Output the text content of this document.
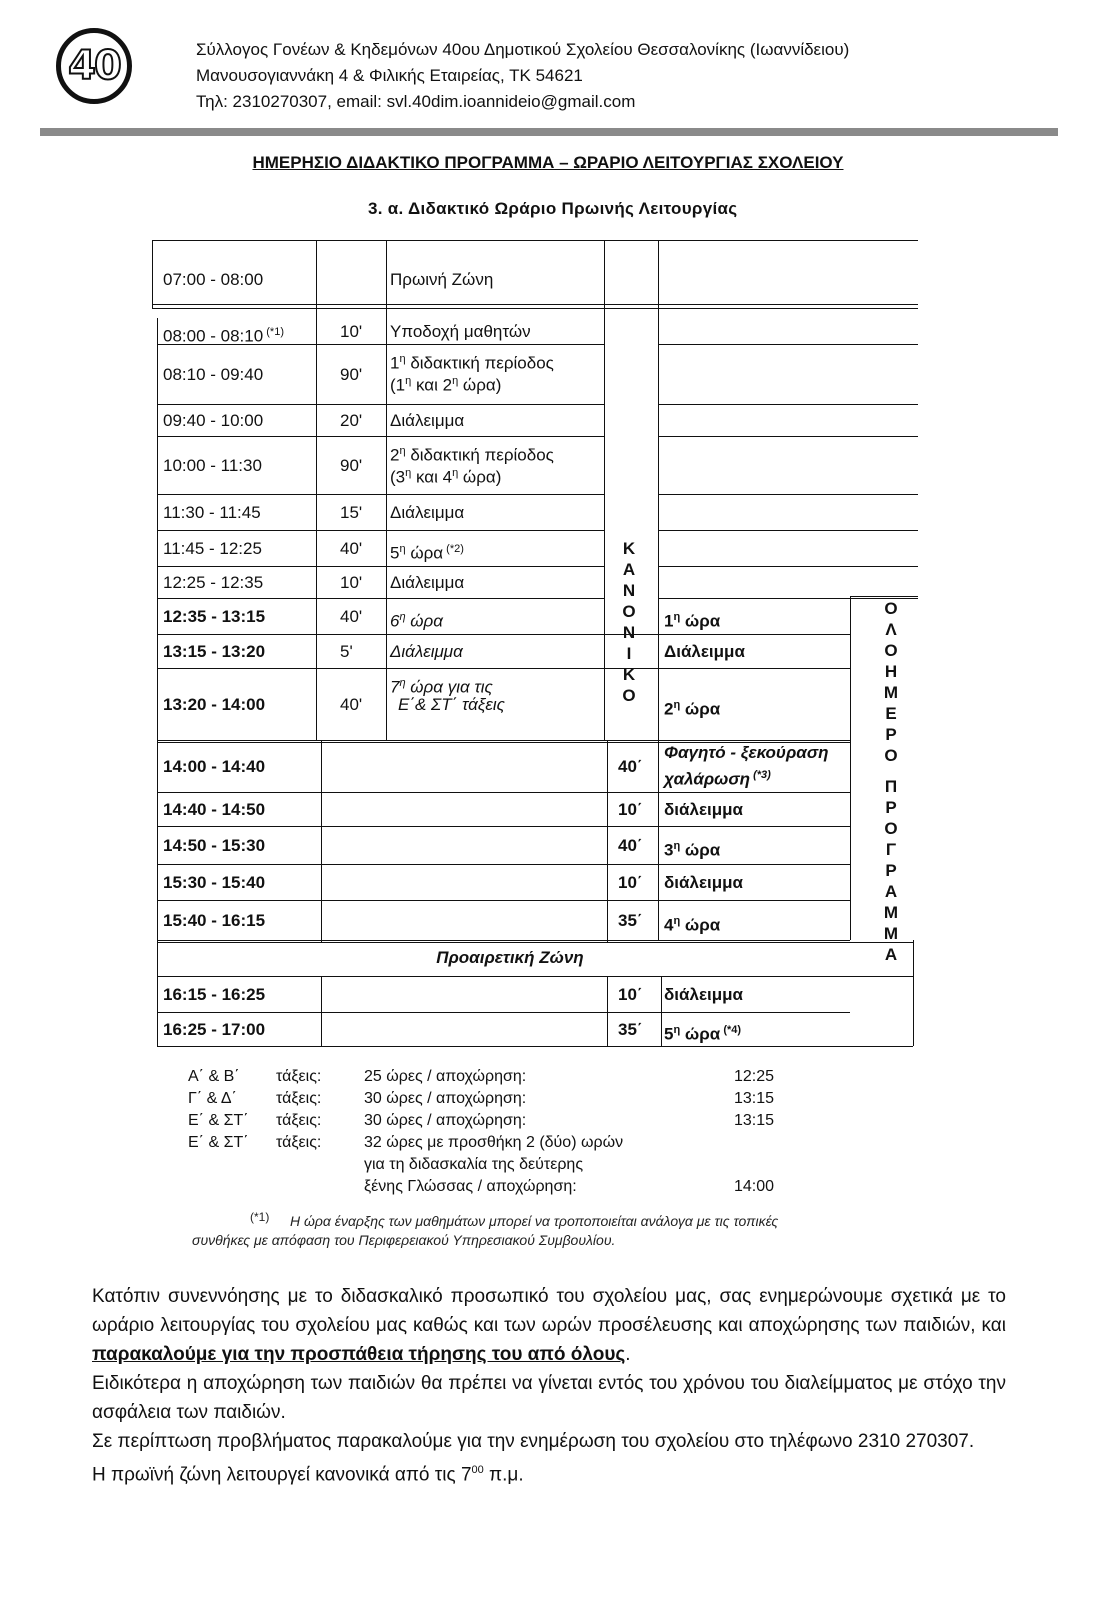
40	Σύλλογος Γονέων & Κηδεμόνων 40ου Δημοτικού Σχολείου Θεσσαλονίκης (Ιωαννίδειου)
Μανουσογιαννάκη 4 & Φιλικής Εταιρείας, ΤΚ 54621
Τηλ: 2310270307, email: svl.40dim.ioannideio@gmail.com
ΗΜΕΡΗΣΙΟ ΔΙΔΑΚΤΙΚΟ ΠΡΟΓΡΑΜΜΑ – ΩΡΑΡΙΟ ΛΕΙΤΟΥΡΓΙΑΣ ΣΧΟΛΕΙΟΥ
3. α. Διδακτικό Ωράριο Πρωινής Λειτουργίας
07:00 - 08:00	Πρωινή Ζώνη
08:00 - 08:10 $^{(*1)}$	10' Υποδοχή μαθητών
08:10 - 09:40	90'
$1^\eta$ διδακτική περίοδος
($1^\eta$ και $2^\eta$ ώρα)
09:40 - 10:00	20' Διάλειμμα
10:00 - 11:30	90'
$2^\eta$ διδακτική περίοδος
($3^\eta$ και $4^\eta$ ώρα)
11:30 - 11:45	15' Διάλειμμα
11:45 - 12:25	40' $5^\eta$ ώρα $^{(*2)}$
12:25 - 12:35	10' Διάλειμμα
12:35 - 13:15	40' $6^\eta$ ώρα	$1^\eta$ ώρα
13:15 - 13:20	5' Διάλειμμα	Διάλειμμα
13:20 - 14:00	40'
$7^\eta$ ώρα για τις
Ε΄& ΣΤ΄ τάξεις	$2^\eta$ ώρα
14:00 - 14:40	40΄
Φαγητό - ξεκούραση
χαλάρωση $^{(*3)}$
14:40 - 14:50	10΄ διάλειμμα
14:50 - 15:30	40΄ $3^\eta$ ώρα
15:30 - 15:40	10΄ διάλειμμα
15:40 - 16:15	35΄ $4^\eta$ ώρα
Προαιρετική Ζώνη
16:15 - 16:25	10΄ διάλειμμα
16:25 - 17:00	35΄ $5^\eta$ ώρα $^{(*4)}$
Κ
Α
Ν
Ο
Ν
Ι
Κ
Ο
Ο
Λ
Ο
Η
Μ
Ε
Ρ
Ο

Π
Ρ
Ο
Γ
Ρ
Α
Μ
Μ
Α
Α΄ & Β΄ τάξεις:	25 ώρες / αποχώρηση:	12:25
Γ΄ & Δ΄ τάξεις:	30 ώρες / αποχώρηση:	13:15
Ε΄ & ΣΤ΄ τάξεις:	30 ώρες / αποχώρηση:	13:15
Ε΄ & ΣΤ΄ τάξεις:	32 ώρες με προσθήκη 2 (δύο) ωρών
για τη διδασκαλία της δεύτερης
ξένης Γλώσσας / αποχώρηση:	14:00
(*1) Η ώρα έναρξης των μαθημάτων μπορεί να τροποποιείται ανάλογα με τις τοπικές
συνθήκες με απόφαση του Περιφερειακού Υπηρεσιακού Συμβουλίου.

Κατόπιν συνεννόησης με το διδασκαλικό προσωπικό του σχολείου μας, σας ενημερώνουμε σχετικά με το ωράριο λειτουργίας του σχολείου μας καθώς και των ωρών προσέλευσης και αποχώρησης των παιδιών, και παρακαλούμε για την προσπάθεια τήρησης του από όλους.

Ειδικότερα η αποχώρηση των παιδιών θα πρέπει να γίνεται εντός του χρόνου του διαλείμματος με στόχο την ασφάλεια των παιδιών.

Σε περίπτωση προβλήματος παρακαλούμε για την ενημέρωση του σχολείου στο τηλέφωνο 2310 270307.

Η πρωϊνή ζώνη λειτουργεί κανονικά από τις $7^{00}$ π.μ.
